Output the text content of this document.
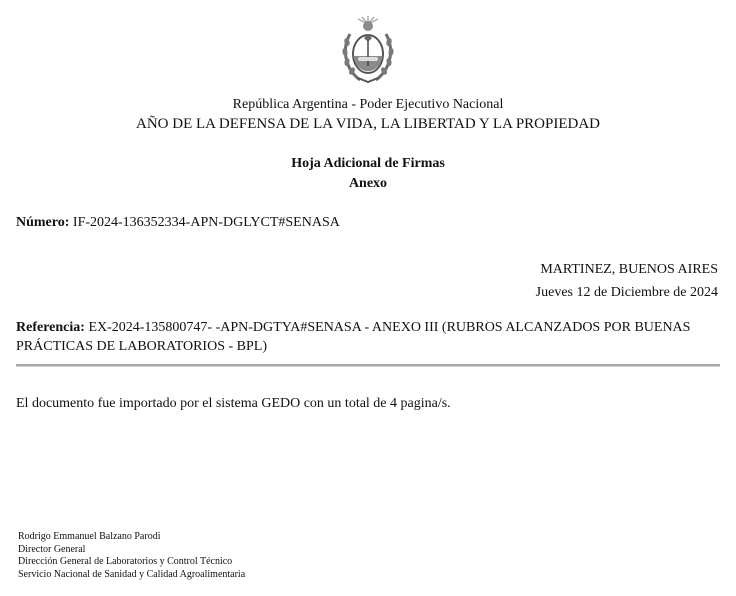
República Argentina - Poder Ejecutivo Nacional
AÑO DE LA DEFENSA DE LA VIDA, LA LIBERTAD Y LA PROPIEDAD
Hoja Adicional de Firmas
Anexo
Número: IF-2024-136352334-APN-DGLYCT#SENASA
MARTINEZ, BUENOS AIRES
Jueves 12 de Diciembre de 2024
Referencia: EX-2024-135800747- -APN-DGTYA#SENASA - ANEXO III (RUBROS ALCANZADOS POR BUENAS PRÁCTICAS DE LABORATORIOS - BPL)
El documento fue importado por el sistema GEDO con un total de 4 pagina/s.
Rodrigo Emmanuel Balzano Parodi
Director General
Dirección General de Laboratorios y Control Técnico
Servicio Nacional de Sanidad y Calidad Agroalimentaria
